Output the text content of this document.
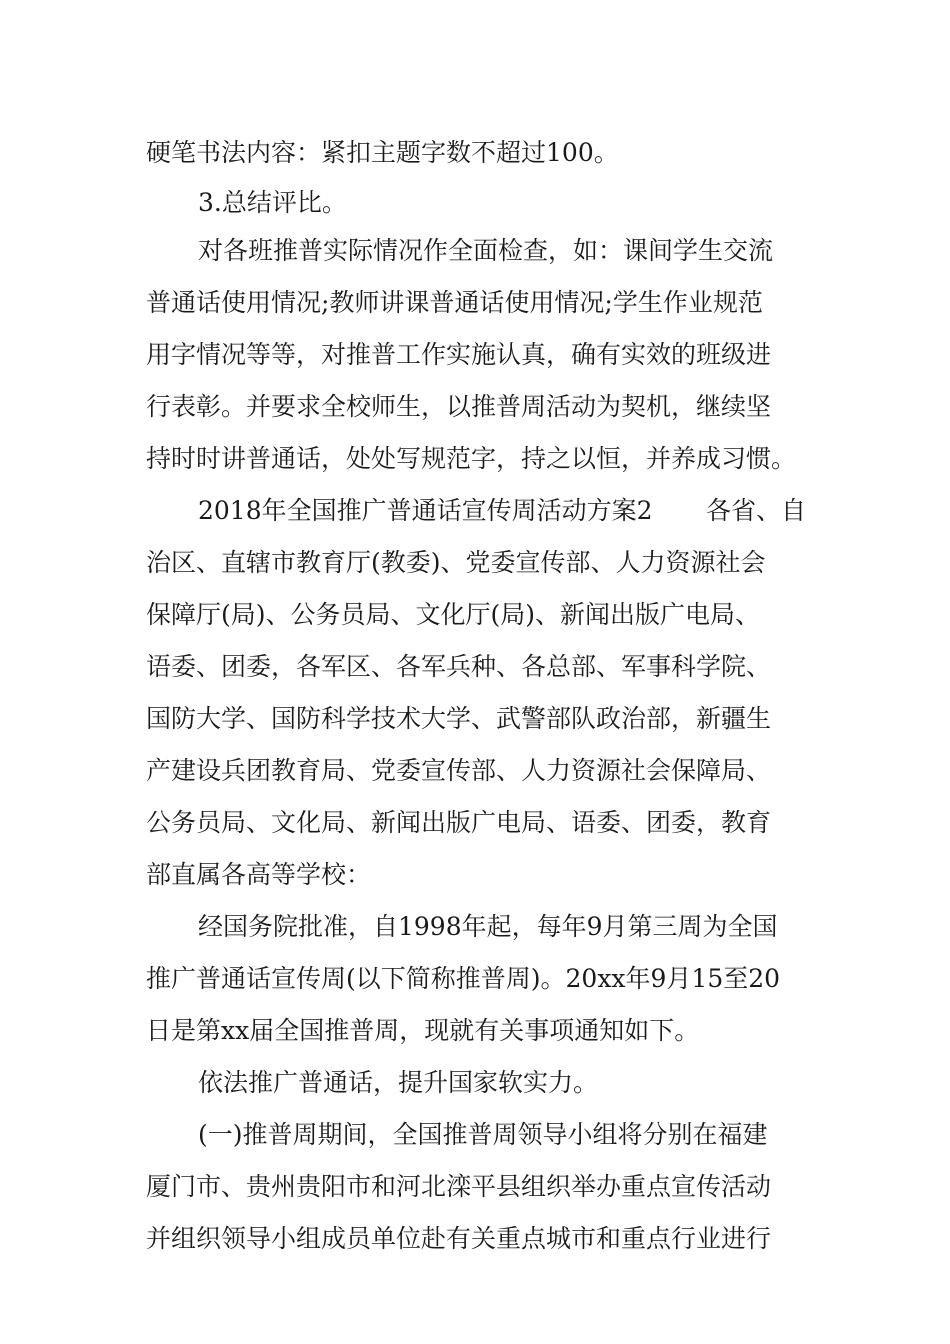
硬笔书法内容：紧扣主题字数不超过100。
3.总结评比。
对各班推普实际情况作全面检查，如：课间学生交流
普通话使用情况;教师讲课普通话使用情况;学生作业规范
用字情况等等，对推普工作实施认真，确有实效的班级进
行表彰。并要求全校师生，以推普周活动为契机，继续坚
持时时讲普通话，处处写规范字，持之以恒，并养成习惯。
2018年全国推广普通话宣传周活动方案2 各省、自
治区、直辖市教育厅(教委)、党委宣传部、人力资源社会
保障厅(局)、公务员局、文化厅(局)、新闻出版广电局、
语委、团委，各军区、各军兵种、各总部、军事科学院、
国防大学、国防科学技术大学、武警部队政治部，新疆生
产建设兵团教育局、党委宣传部、人力资源社会保障局、
公务员局、文化局、新闻出版广电局、语委、团委，教育
部直属各高等学校：
经国务院批准，自1998年起，每年9月第三周为全国
推广普通话宣传周(以下简称推普周)。20xx年9月15至20
日是第xx届全国推普周，现就有关事项通知如下。
依法推广普通话，提升国家软实力。
(一)推普周期间，全国推普周领导小组将分别在福建
厦门市、贵州贵阳市和河北滦平县组织举办重点宣传活动
并组织领导小组成员单位赴有关重点城市和重点行业进行
